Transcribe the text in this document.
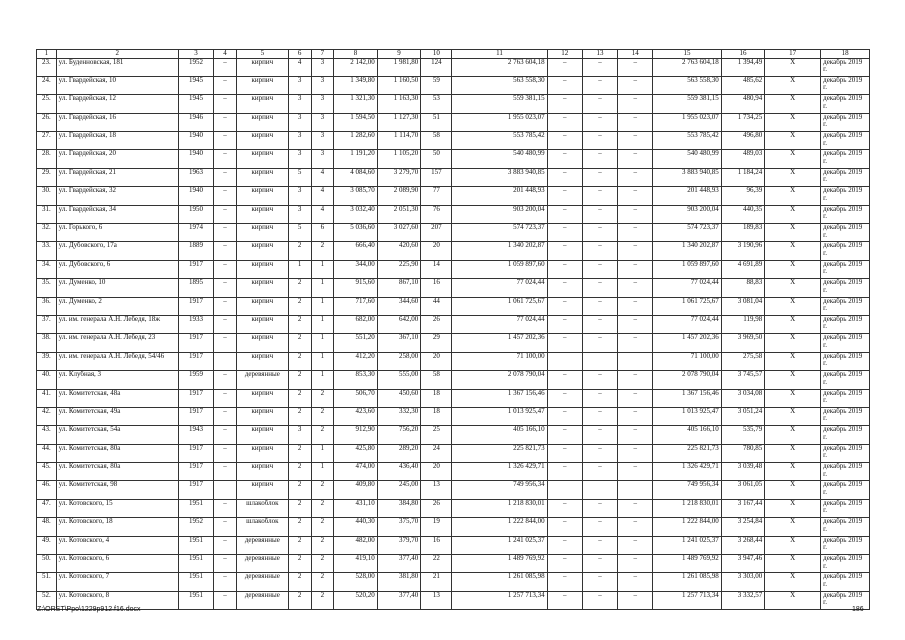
1	2	3	4	5	6	7	8	9	10	11	12	13	14	15	16	17	18
23.	ул. Буденновская, 181	1952	–	кирпич	4	3	2 142,00	1 981,80	124	2 763 604,18	–	–	–	2 763 604,18	1 394,49	Х	декабрь 2019 г.
24.	ул. Гвардейская, 10	1945	–	кирпич	3	3	1 349,80	1 160,50	59	563 558,30	–	–	–	563 558,30	485,62	Х	декабрь 2019 г.
25.	ул. Гвардейская, 12	1945	–	кирпич	3	3	1 321,30	1 163,30	53	559 381,15	–	–	–	559 381,15	480,94	Х	декабрь 2019 г.
26.	ул. Гвардейская, 16	1946	–	кирпич	3	3	1 594,50	1 127,30	51	1 955 023,07	–	–	–	1 955 023,07	1 734,25	Х	декабрь 2019 г.
27.	ул. Гвардейская, 18	1940	–	кирпич	3	3	1 282,60	1 114,70	58	553 785,42	–	–	–	553 785,42	496,80	Х	декабрь 2019 г.
28.	ул. Гвардейская, 20	1940	–	кирпич	3	3	1 191,20	1 105,20	50	540 480,99	–	–	–	540 480,99	489,03	Х	декабрь 2019 г.
29.	ул. Гвардейская, 21	1963	–	кирпич	5	4	4 084,60	3 279,70	157	3 883 940,85	–	–	–	3 883 940,85	1 184,24	Х	декабрь 2019 г.
30.	ул. Гвардейская, 32	1940	–	кирпич	3	4	3 085,70	2 089,90	77	201 448,93	–	–	–	201 448,93	96,39	Х	декабрь 2019 г.
31.	ул. Гвардейская, 34	1950	–	кирпич	3	4	3 032,40	2 051,30	76	903 200,04	–	–	–	903 200,04	440,35	Х	декабрь 2019 г.
32.	ул. Горького, 6	1974	–	кирпич	5	6	5 036,60	3 027,60	207	574 723,37	–	–	–	574 723,37	189,83	Х	декабрь 2019 г.
33.	ул. Дубовского, 17а	1889	–	кирпич	2	2	666,40	420,60	20	1 340 202,87	–	–	–	1 340 202,87	3 190,96	Х	декабрь 2019 г.
34.	ул. Дубовского, 6	1917	–	кирпич	1	1	344,00	225,90	14	1 059 897,60	–	–	–	1 059 897,60	4 691,89	Х	декабрь 2019 г.
35.	ул. Думенко, 10	1895	–	кирпич	2	1	915,60	867,10	16	77 024,44	–	–	–	77 024,44	88,83	Х	декабрь 2019 г.
36.	ул. Думенко, 2	1917	–	кирпич	2	1	717,60	344,60	44	1 061 725,67	–	–	–	1 061 725,67	3 081,04	Х	декабрь 2019 г.
37.	ул. им. генерала А.Н. Лебедя, 18ж	1933	–	кирпич	2	1	682,00	642,00	26	77 024,44	–	–	–	77 024,44	119,98	Х	декабрь 2019 г.
38.	ул. им. генерала А.Н. Лебедя, 23	1917	–	кирпич	2	1	551,20	367,10	29	1 457 202,36	–	–	–	1 457 202,36	3 969,50	Х	декабрь 2019 г.
39.	ул. им. генерала А.Н. Лебедя, 54/46	1917		кирпич	2	1	412,20	258,00	20	71 100,00				71 100,00	275,58	Х	декабрь 2019 г.
40.	ул. Клубная, 3	1959	–	деревянные	2	1	853,30	555,00	58	2 078 790,04	–	–	–	2 078 790,04	3 745,57	Х	декабрь 2019 г.
41.	ул. Комитетская, 48а	1917	–	кирпич	2	2	506,70	450,60	18	1 367 156,46	–	–	–	1 367 156,46	3 034,08	Х	декабрь 2019 г.
42.	ул. Комитетская, 49а	1917	–	кирпич	2	2	423,60	332,30	18	1 013 925,47	–	–	–	1 013 925,47	3 051,24	Х	декабрь 2019 г.
43.	ул. Комитетская, 54а	1943	–	кирпич	3	2	912,90	756,20	25	405 166,10	–	–	–	405 166,10	535,79	Х	декабрь 2019 г.
44.	ул. Комитетская, 80а	1917	–	кирпич	2	1	425,80	289,20	24	225 821,73	–	–	–	225 821,73	780,85	Х	декабрь 2019 г.
45.	ул. Комитетская, 80а	1917	–	кирпич	2	1	474,00	436,40	20	1 326 429,71	–	–	–	1 326 429,71	3 039,48	Х	декабрь 2019 г.
46.	ул. Комитетская, 98	1917		кирпич	2	2	409,80	245,00	13	749 956,34				749 956,34	3 061,05	Х	декабрь 2019 г.
47.	ул. Котовского, 15	1951	–	шлакоблок	2	2	431,10	384,80	26	1 218 830,01	–	–	–	1 218 830,01	3 167,44	Х	декабрь 2019 г.
48.	ул. Котовского, 18	1952	–	шлакоблок	2	2	440,30	375,70	19	1 222 844,00	–	–	–	1 222 844,00	3 254,84	Х	декабрь 2019 г.
49.	ул. Котовского, 4	1951	–	деревянные	2	2	482,00	379,70	16	1 241 025,37	–	–	–	1 241 025,37	3 268,44	Х	декабрь 2019 г.
50.	ул. Котовского, 6	1951	–	деревянные	2	2	419,10	377,40	22	1 489 769,92	–	–	–	1 489 769,92	3 947,46	Х	декабрь 2019 г.
51.	ул. Котовского, 7	1951	–	деревянные	2	2	528,00	381,80	21	1 261 085,98	–	–	–	1 261 085,98	3 303,00	Х	декабрь 2019 г.
52.	ул. Котовского, 8	1951	–	деревянные	2	2	520,20	377,40	13	1 257 713,34	–	–	–	1 257 713,34	3 332,57	Х	декабрь 2019 г.
Z:\ORST\Ppo\1229p912.f16.docx	186
